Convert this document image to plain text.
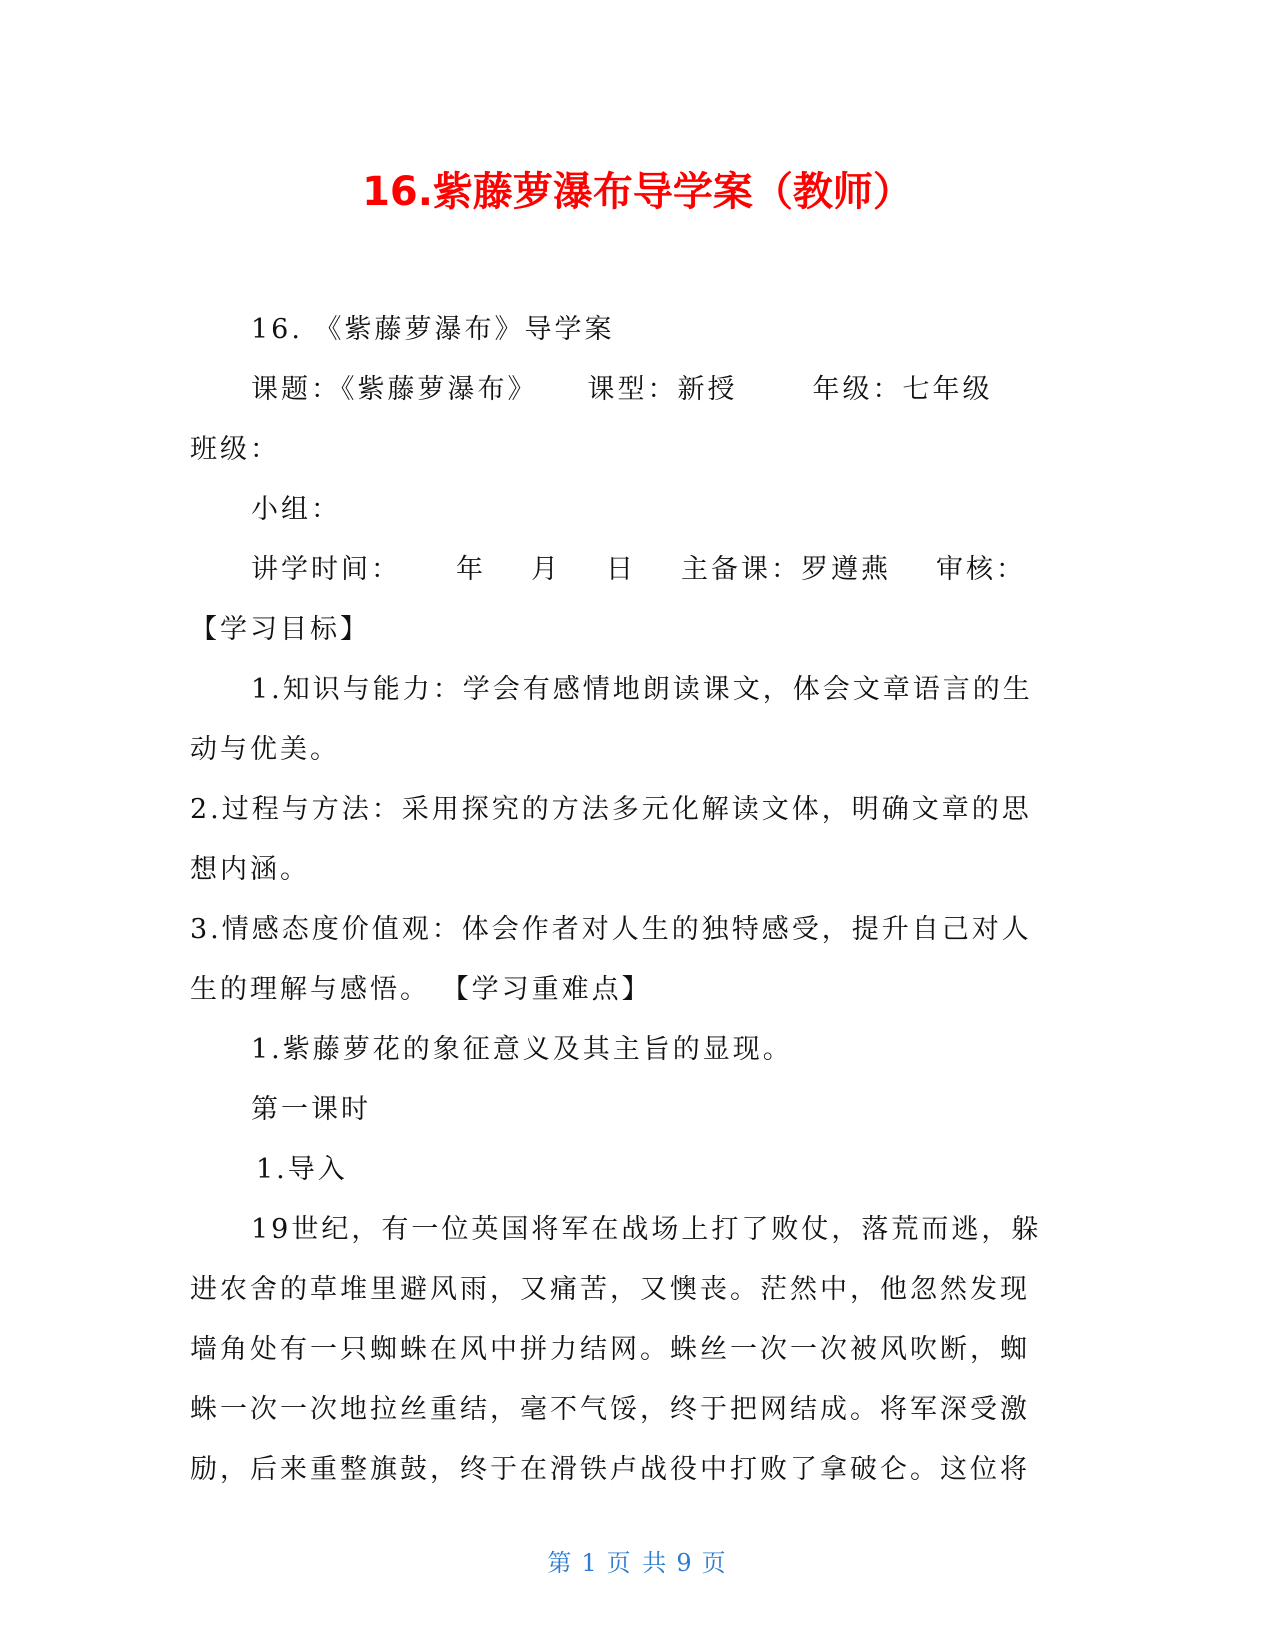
16.紫藤萝瀑布导学案（教师）

16. 《紫藤萝瀑布》导学案

课题：《紫藤萝瀑布》 课型：新授	年级：七年级

班级：

小组：

讲学时间： 年 月 日 主备课：罗遵燕 审核：

【学习目标】

1.知识与能力：学会有感情地朗读课文，体会文章语言的生

动与优美。

2.过程与方法：采用探究的方法多元化解读文体，明确文章的思

想内涵。

3.情感态度价值观：体会作者对人生的独特感受，提升自己对人

生的理解与感悟。 【学习重难点】

1.紫藤萝花的象征意义及其主旨的显现。

第一课时

1.导入

19世纪，有一位英国将军在战场上打了败仗，落荒而逃，躲

进农舍的草堆里避风雨，又痛苦，又懊丧。茫然中，他忽然发现

墙角处有一只蜘蛛在风中拼力结网。蛛丝一次一次被风吹断，蜘

蛛一次一次地拉丝重结，毫不气馁，终于把网结成。将军深受激

励，后来重整旗鼓，终于在滑铁卢战役中打败了拿破仑。这位将

第 1 页 共 9 页
